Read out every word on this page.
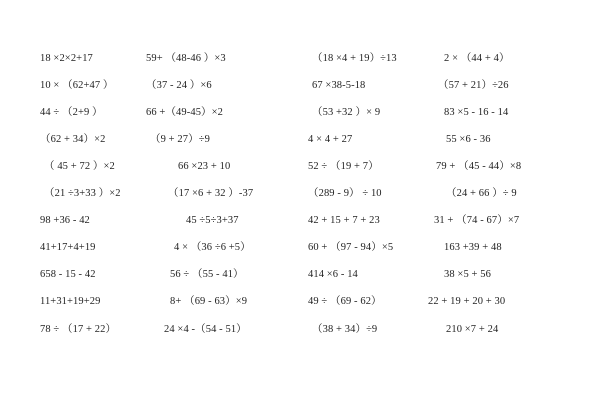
18 ×2×2+17	59+ （48-46 ）×3	（18 ×4 + 19）÷13	2 × （44 + 4）
10 × （62+47 ）	（37 - 24 ）×6	67 ×38-5-18	（57 + 21）÷26
44 ÷ （2+9 ）	66 +（49-45）×2	（53 +32 ）× 9	83 ×5 - 16 - 14
（62 + 34）×2	（9 + 27）÷9	4 × 4 + 27	55 ×6 - 36
（ 45 + 72 ）×2	66 ×23 + 10	52 ÷ （19 + 7）	79 + （45 - 44）×8
（21 ÷3+33 ）×2	（17 ×6 + 32 ）-37	（289 - 9） ÷ 10	（24 + 66 ）÷ 9
98 +36 - 42	45 ÷5÷3+37	42 + 15 + 7 + 23	31 + （74 - 67）×7
41+17+4+19	4 × （36 ÷6 +5）	60 + （97 - 94）×5	163 +39 + 48
658 - 15 - 42	56 ÷ （55 - 41）	414 ×6 - 14	38 ×5 + 56
11+31+19+29	8+ （69 - 63）×9	49 ÷ （69 - 62）	22 + 19 + 20 + 30
78 ÷ （17 + 22）	24 ×4 -（54 - 51）	（38 + 34）÷9	210 ×7 + 24
